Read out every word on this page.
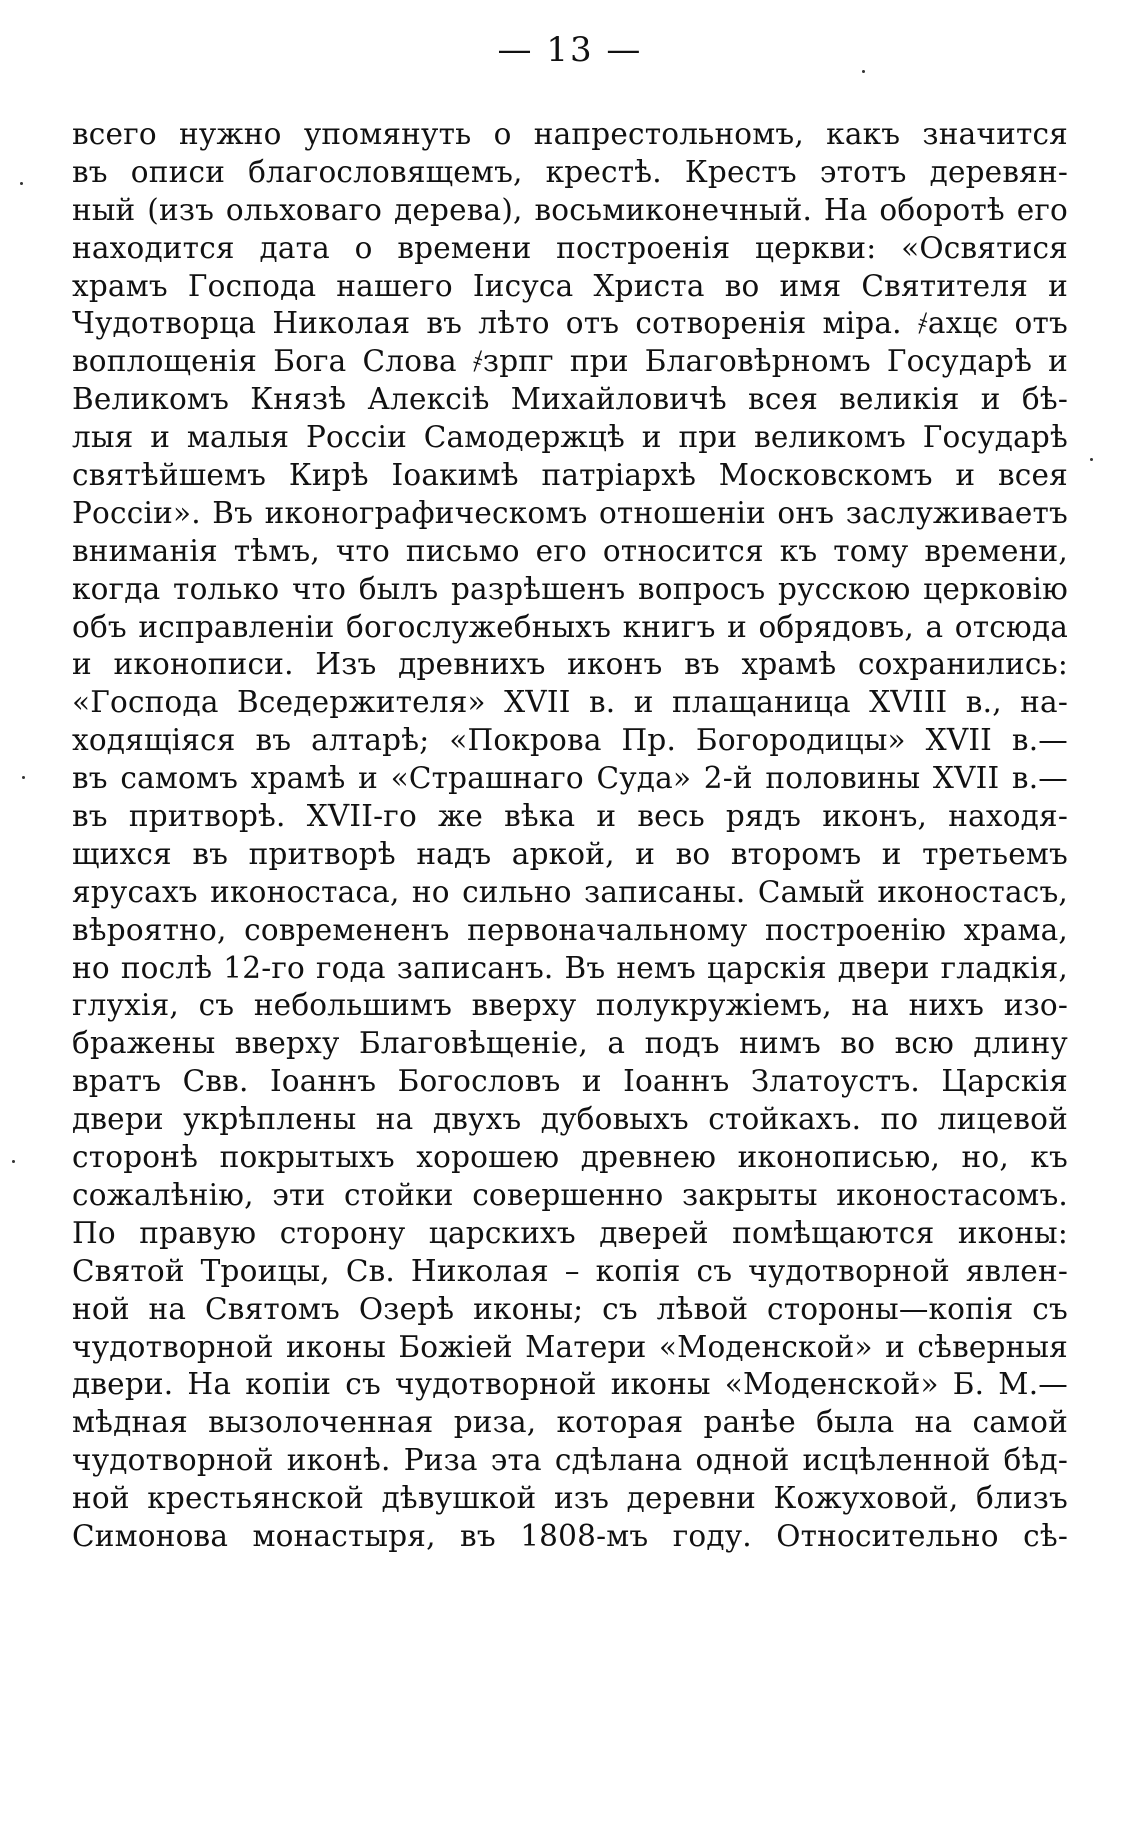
— 13 —
всего нужно упомянуть о напрестольномъ, какъ значится
въ описи благословящемъ, крестѣ. Крестъ этотъ деревян-
ный (изъ ольховаго дерева), восьмиконечный. На оборотѣ его
находится дата о времени построенія церкви: «Освятися
храмъ Господа нашего Іисуса Христа во имя Святителя и
Чудотворца Николая въ лѣто отъ сотворенія міра. ҂ахцє отъ
воплощенія Бога Слова ҂зрпг при Благовѣрномъ Государѣ и
Великомъ Князѣ Алексіѣ Михайловичѣ всея великія и бѣ-
лыя и малыя Россіи Самодержцѣ и при великомъ Государѣ
святѣйшемъ Кирѣ Іоакимѣ патріархѣ Московскомъ и всея
Россіи». Въ иконографическомъ отношеніи онъ заслуживаетъ
вниманія тѣмъ, что письмо его относится къ тому времени,
когда только что былъ разрѣшенъ вопросъ русскою церковію
объ исправленіи богослужебныхъ книгъ и обрядовъ, а отсюда
и иконописи. Изъ древнихъ иконъ въ храмѣ сохранились:
«Господа Вседержителя» XVII в. и плащаница XVIII в., на-
ходящіяся въ алтарѣ; «Покрова Пр. Богородицы» XVII в.—
въ самомъ храмѣ и «Страшнаго Суда» 2-й половины XVII в.—
въ притворѣ. XVII-го же вѣка и весь рядъ иконъ, находя-
щихся въ притворѣ надъ аркой, и во второмъ и третьемъ
ярусахъ иконостаса, но сильно записаны. Самый иконостасъ,
вѣроятно, современенъ первоначальному построенію храма,
но послѣ 12-го года записанъ. Въ немъ царскія двери гладкія,
глухія, съ небольшимъ вверху полукружіемъ, на нихъ изо-
бражены вверху Благовѣщеніе, а подъ нимъ во всю длину
вратъ Свв. Іоаннъ Богословъ и Іоаннъ Златоустъ. Царскія
двери укрѣплены на двухъ дубовыхъ стойкахъ. по лицевой
сторонѣ покрытыхъ хорошею древнею иконописью, но, къ
сожалѣнію, эти стойки совершенно закрыты иконостасомъ.
По правую сторону царскихъ дверей помѣщаются иконы:
Святой Троицы, Св. Николая – копія съ чудотворной явлен-
ной на Святомъ Озерѣ иконы; съ лѣвой стороны—копія съ
чудотворной иконы Божіей Матери «Моденской» и сѣверныя
двери. На копіи съ чудотворной иконы «Моденской» Б. М.—
мѣдная вызолоченная риза, которая ранѣе была на самой
чудотворной иконѣ. Риза эта сдѣлана одной исцѣленной бѣд-
ной крестьянской дѣвушкой изъ деревни Кожуховой, близъ
Симонова монастыря, въ 1808-мъ году. Относительно сѣ-
